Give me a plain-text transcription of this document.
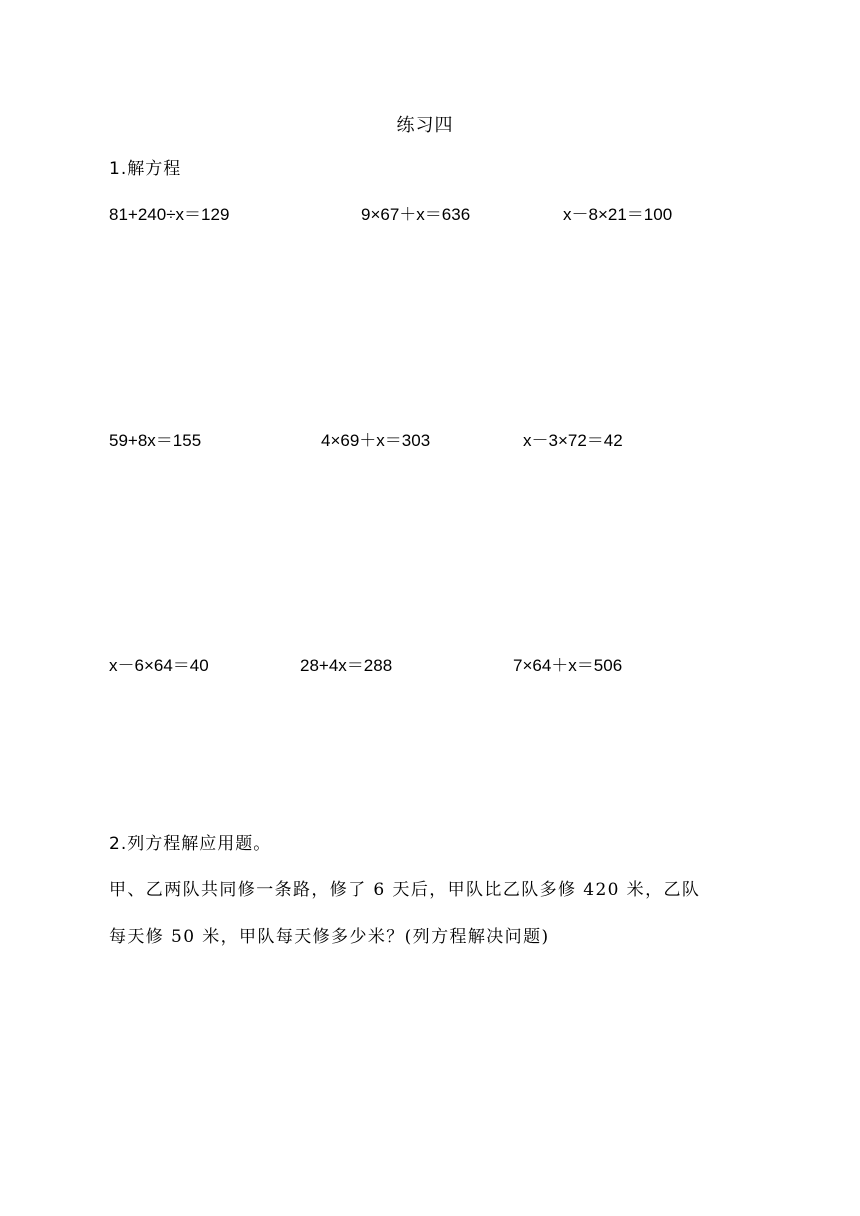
练习四
1.解方程
81+240÷x＝129	9×67＋x＝636	x－8×21＝100
59+8x＝155	4×69＋x＝303	x－3×72＝42
x－6×64＝40	28+4x＝288	7×64＋x＝506
2.列方程解应用题。
甲、乙两队共同修一条路，修了 6 天后，甲队比乙队多修 420 米，乙队
每天修 50 米，甲队每天修多少米？(列方程解决问题)
